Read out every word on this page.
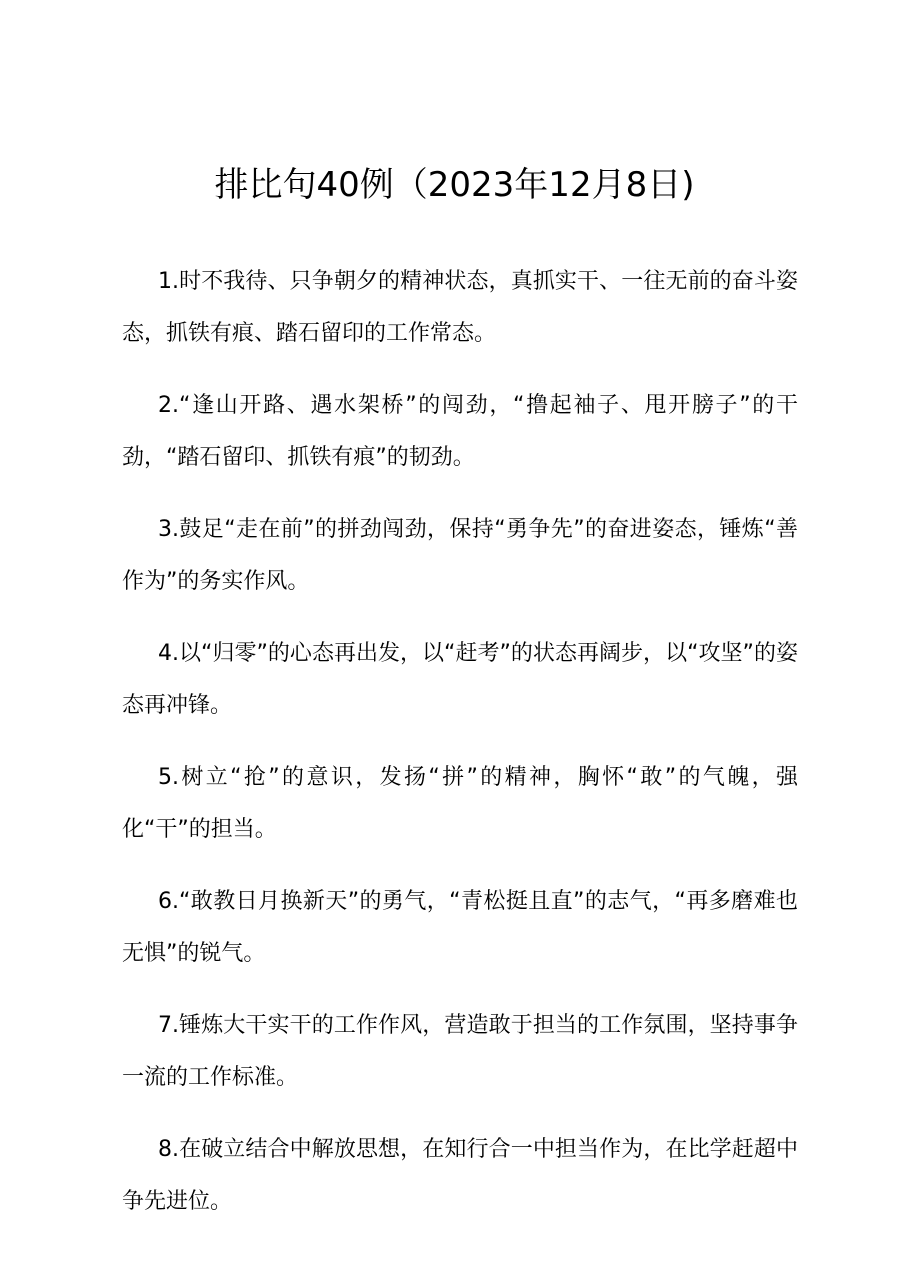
排比句40例（2023年12月8日)

1.时不我待、只争朝夕的精神状态，真抓实干、一往无前的奋斗姿态，抓铁有痕、踏石留印的工作常态。

2.“逢山开路、遇水架桥”的闯劲，“撸起袖子、甩开膀子”的干劲，“踏石留印、抓铁有痕”的韧劲。

3.鼓足“走在前”的拼劲闯劲，保持“勇争先”的奋进姿态，锤炼“善作为”的务实作风。

4.以“归零”的心态再出发，以“赶考”的状态再阔步，以“攻坚”的姿态再冲锋。

5.树立“抢”的意识，发扬“拼”的精神，胸怀“敢”的气魄，强化“干”的担当。

6.“敢教日月换新天”的勇气，“青松挺且直”的志气，“再多磨难也无惧”的锐气。

7.锤炼大干实干的工作作风，营造敢于担当的工作氛围，坚持事争一流的工作标准。

8.在破立结合中解放思想，在知行合一中担当作为，在比学赶超中争先进位。
